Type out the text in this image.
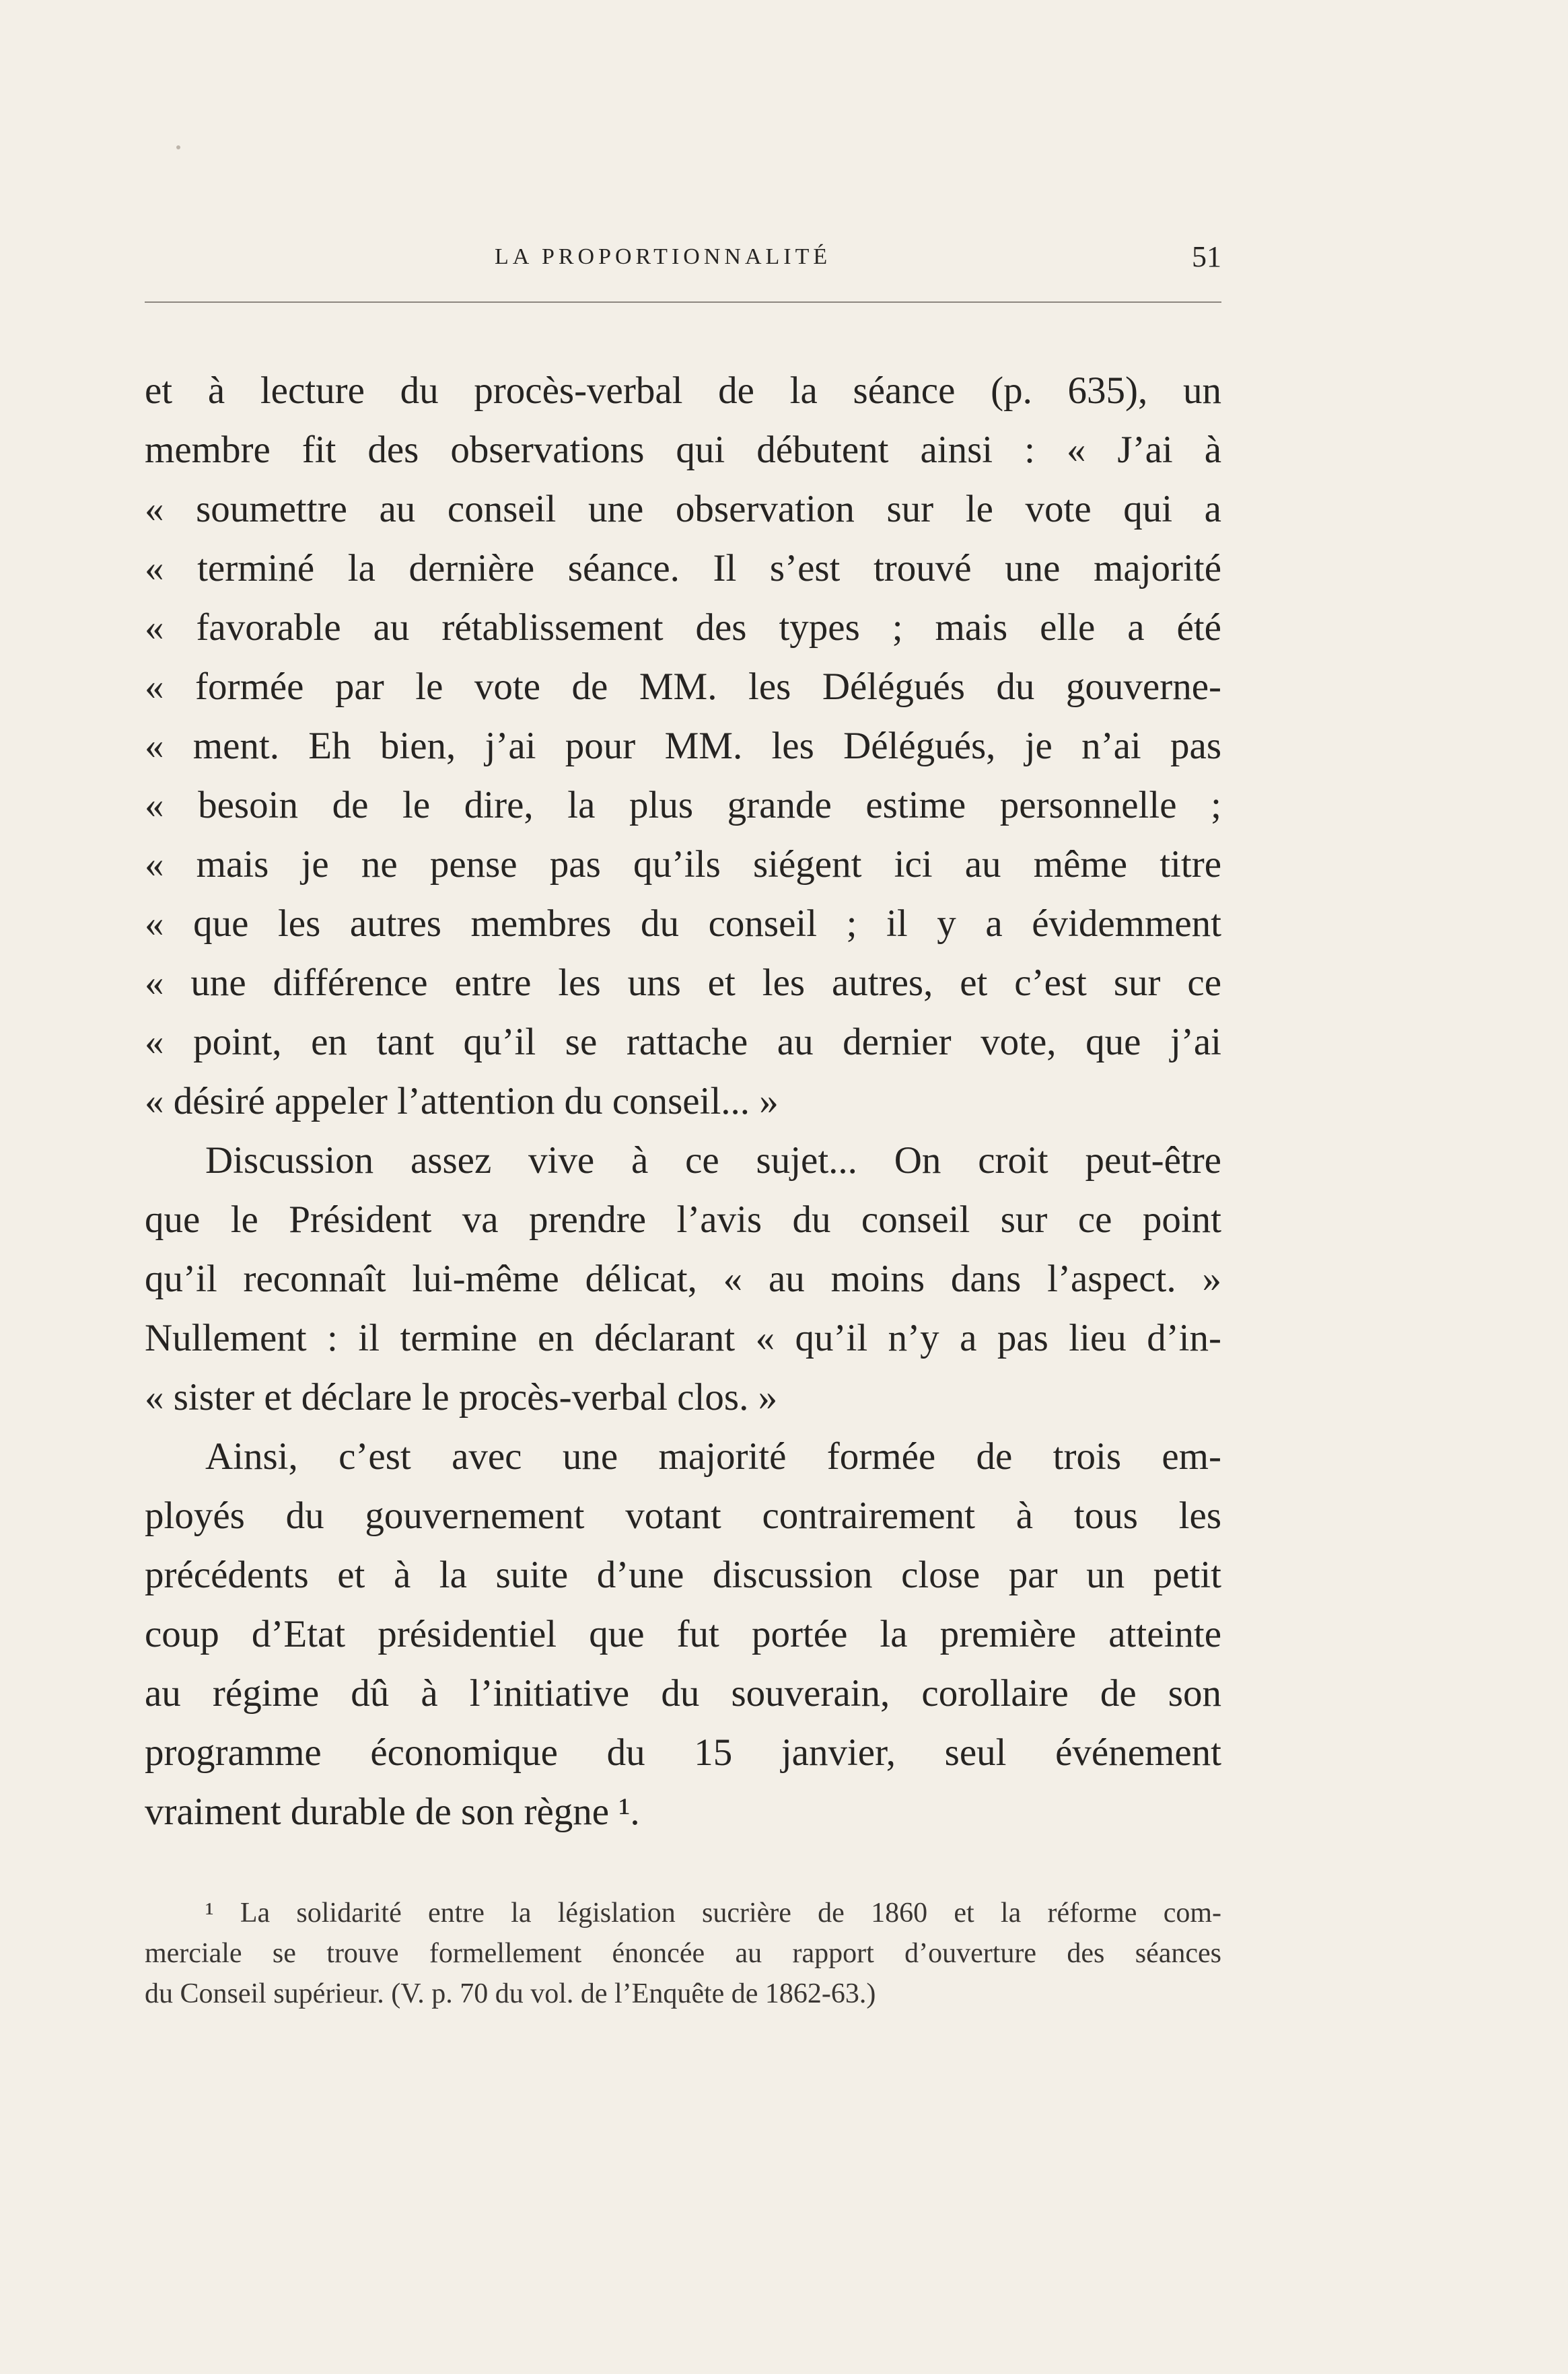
LA PROPORTIONNALITÉ	51
et à lecture du procès-verbal de la séance (p. 635), un
membre fit des observations qui débutent ainsi : « J’ai à
« soumettre au conseil une observation sur le vote qui a
« terminé la dernière séance. Il s’est trouvé une majorité
« favorable au rétablissement des types ; mais elle a été
« formée par le vote de MM. les Délégués du gouverne-
« ment. Eh bien, j’ai pour MM. les Délégués, je n’ai pas
« besoin de le dire, la plus grande estime personnelle ;
« mais je ne pense pas qu’ils siégent ici au même titre
« que les autres membres du conseil ; il y a évidemment
« une différence entre les uns et les autres, et c’est sur ce
« point, en tant qu’il se rattache au dernier vote, que j’ai
« désiré appeler l’attention du conseil... »
Discussion assez vive à ce sujet... On croit peut-être
que le Président va prendre l’avis du conseil sur ce point
qu’il reconnaît lui-même délicat, « au moins dans l’aspect. »
Nullement : il termine en déclarant « qu’il n’y a pas lieu d’in-
« sister et déclare le procès-verbal clos. »
Ainsi, c’est avec une majorité formée de trois em-
ployés du gouvernement votant contrairement à tous les
précédents et à la suite d’une discussion close par un petit
coup d’Etat présidentiel que fut portée la première atteinte
au régime dû à l’initiative du souverain, corollaire de son
programme économique du 15 janvier, seul événement
vraiment durable de son règne ¹.
¹ La solidarité entre la législation sucrière de 1860 et la réforme com-
merciale se trouve formellement énoncée au rapport d’ouverture des séances
du Conseil supérieur. (V. p. 70 du vol. de l’Enquête de 1862-63.)
